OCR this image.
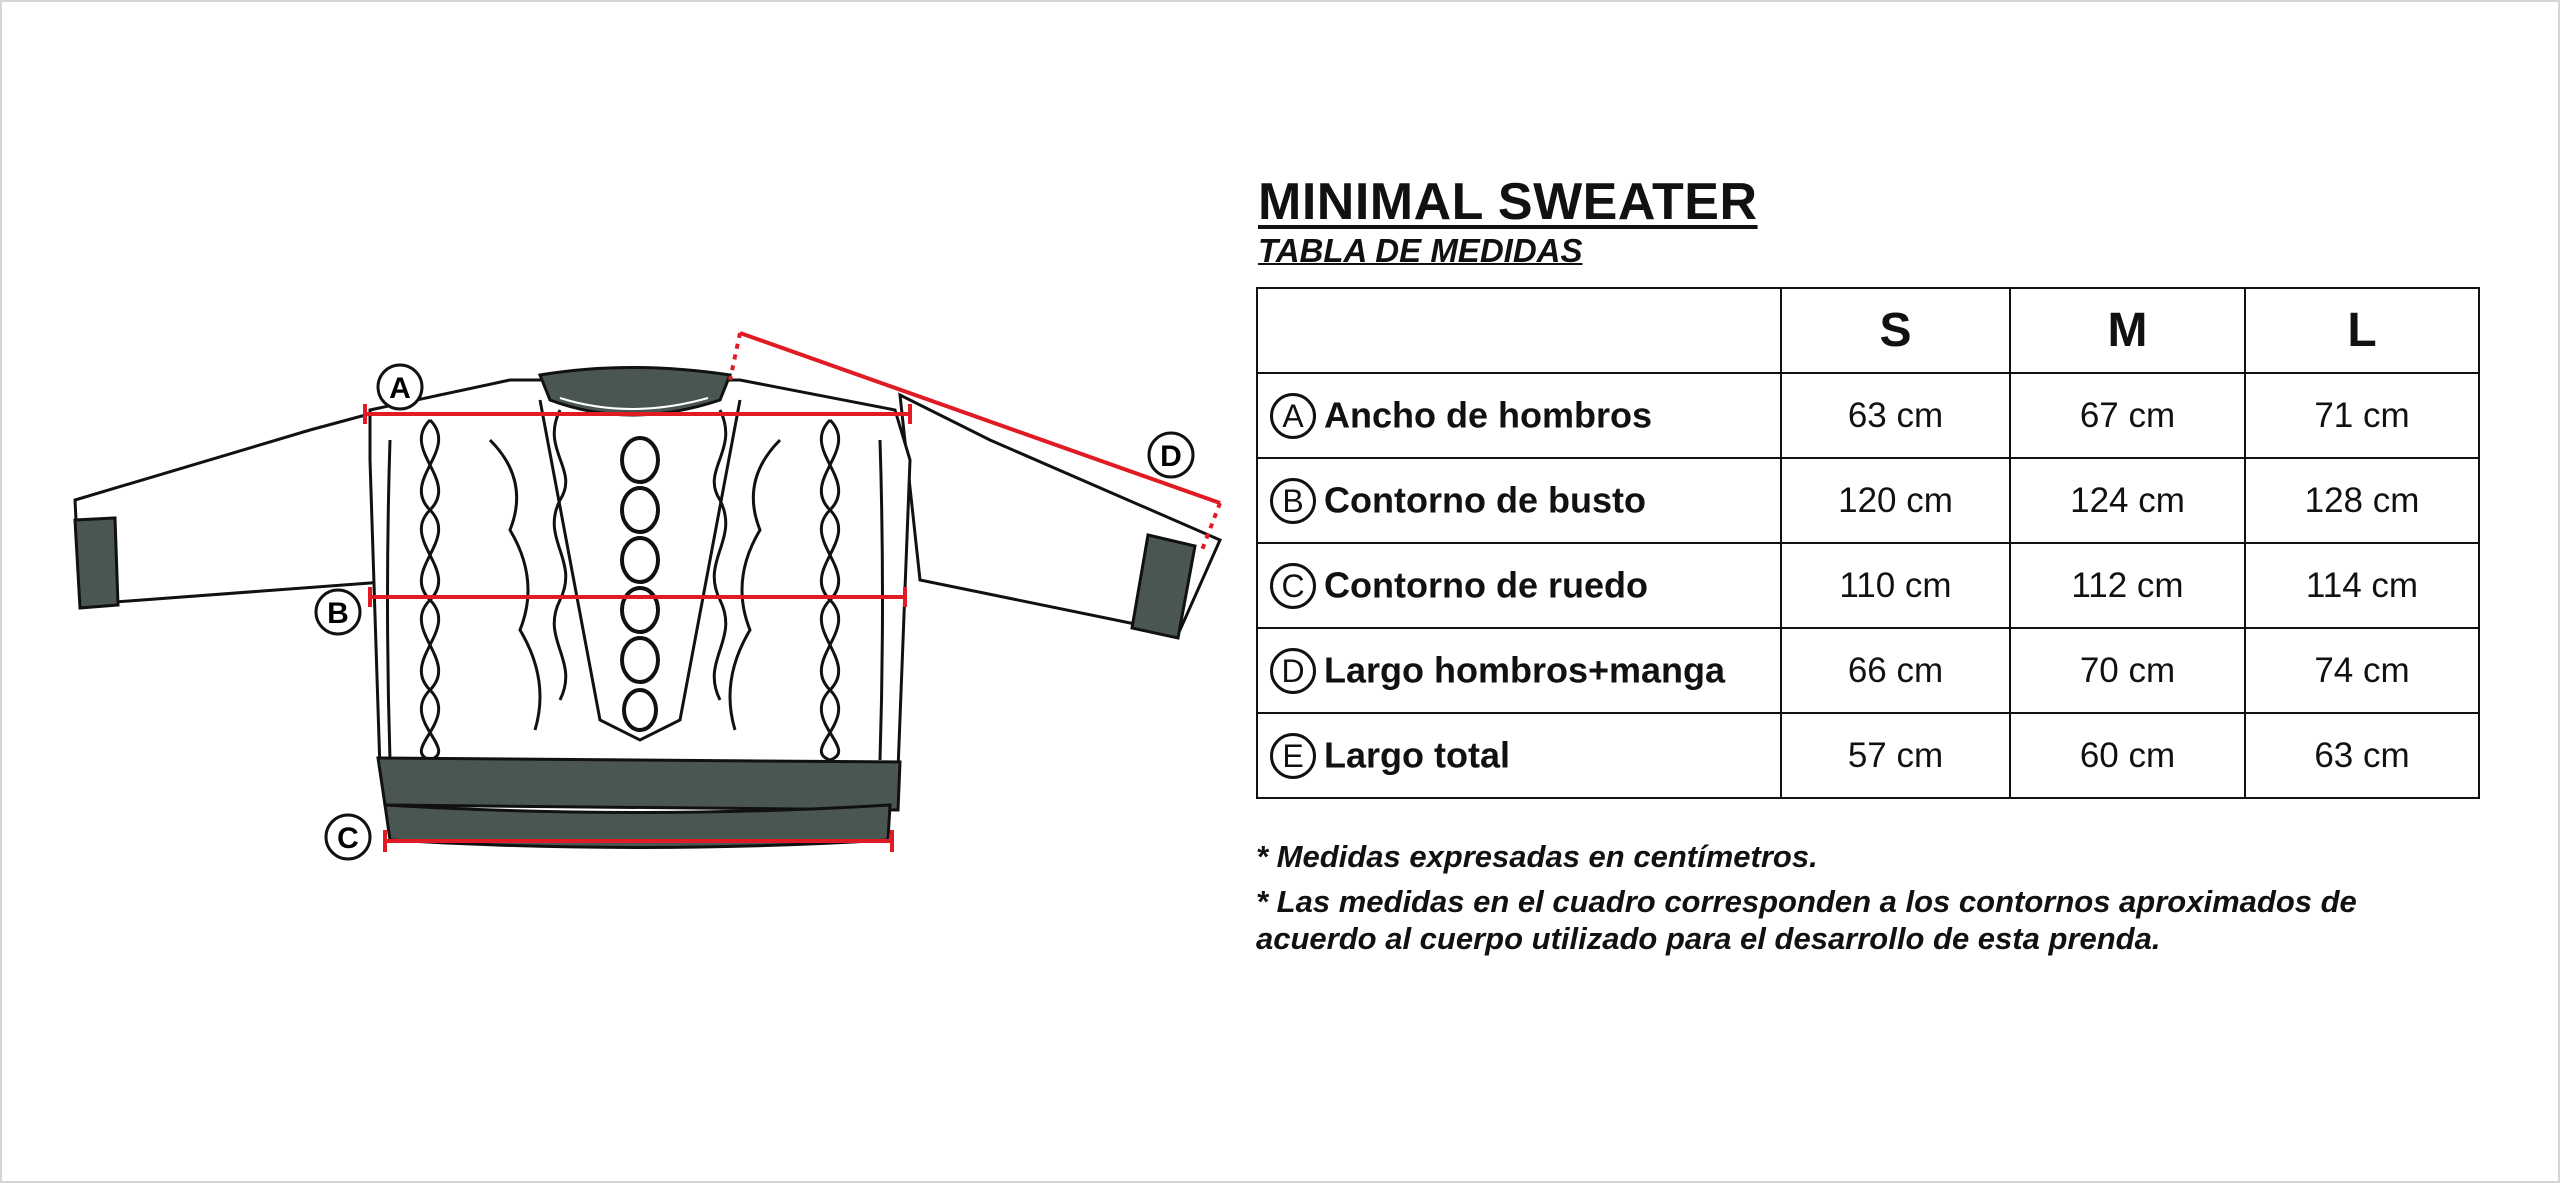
A
B
C
D
MINIMAL SWEATER
TABLA DE MEDIDAS
	S	M	L
A Ancho de hombros	63 cm	67 cm	71 cm
B Contorno de busto	120 cm	124 cm	128 cm
C Contorno de ruedo	110 cm	112 cm	114 cm
D Largo hombros+manga	66 cm	70 cm	74 cm
E Largo total	57 cm	60 cm	63 cm

* Medidas expresadas en centímetros.

* Las medidas en el cuadro corresponden a los contornos aproximados de acuerdo al cuerpo utilizado para el desarrollo de esta prenda.
